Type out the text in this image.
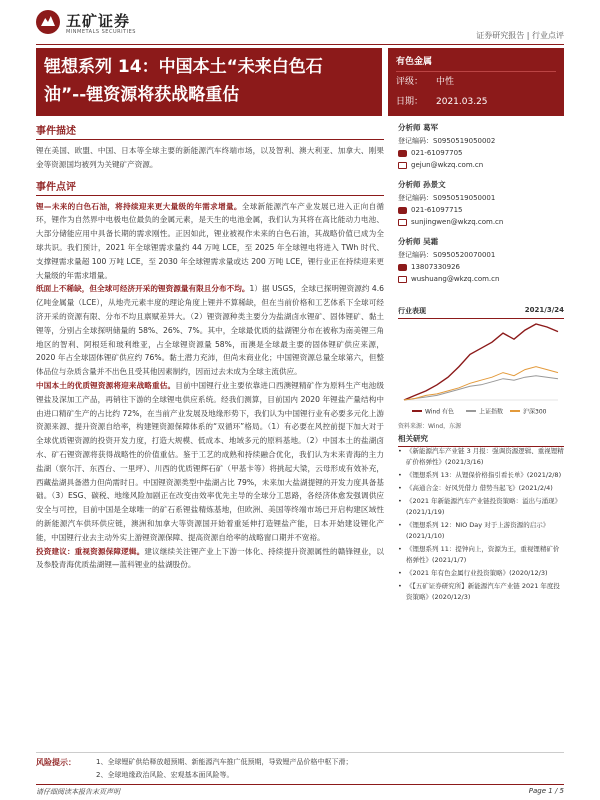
五矿证券
MINMETALS SECURITIES	证券研究报告 | 行业点评
锂想系列 14：中国本土“未来白色石
油”--锂资源将获战略重估
有色金属
评级： 中性
日期： 2021.03.25
事件描述

锂在美国、欧盟、中国、日本等全球主要的新能源汽车终端市场，以及智利、澳大利亚、加拿大、刚果金等资源国均被列为关键矿产资源。

事件点评

锂—未来的白色石油，将持续迎来更大量级的年需求增量。全球新能源汽车产业发展已进入正向自循环，锂作为自然界中电极电位最负的金属元素，是天生的电池金属，我们认为其将在高比能动力电池、大部分储能应用中具备长期的需求刚性。正因如此，锂业被视作未来的白色石油，其战略价值已成为全球共识。我们预计，2021 年全球锂需求量约 44 万吨 LCE，至 2025 年全球锂电将进入 TWh 时代、支撑锂需求量超 100 万吨 LCE，至 2030 年全球锂需求量或达 200 万吨 LCE，锂行业正在持续迎来更大量级的年需求增量。

纸面上不稀缺，但全球可经济开采的锂资源量有限且分布不均。1）据 USGS，全球已探明锂资源约 4.6 亿吨金属量（LCE），从地壳元素丰度的理论角度上锂并不算稀缺，但在当前价格和工艺体系下全球可经济开采的资源有限、分布不均且禀赋差异大。（2）锂资源种类主要分为盐湖卤水锂矿、固体锂矿、黏土锂等，分别占全球探明储量的 58%、26%、7%。其中，全球最优质的盐湖锂分布在被称为南美锂三角地区的智利、阿根廷和玻利维亚，占全球锂资源量 58%，而澳是全球最主要的固体锂矿供应来源，2020 年占全球固体锂矿供应约 76%。黏土潜力充沛，但尚未商业化；中国锂资源总量全球第六，但整体品位与杂质含量并不出色且受其他因素制约，因而过去未成为全球主流供应。

中国本土的优质锂资源将迎来战略重估。目前中国锂行业主要依靠进口西澳锂精矿作为原料生产电池级锂盐及深加工产品，再销往下游的全球锂电供应系统。经我们测算，目前国内 2020 年锂盐产量结构中由进口精矿生产的占比约 72%，在当前产业发展及地缘形势下，我们认为中国锂行业有必要多元化上游资源来源、提升资源自给率，构建锂资源保障体系的“双循环”格局。（1）有必要在风控前提下加大对于全球优质锂资源的投资开发力度，打造大规模、低成本、地域多元的原料基地。（2）中国本土的盐湖卤水、矿石锂资源将获得战略性的价值重估。鉴于工艺的成熟和持续融合优化，我们认为未来青海的主力盐湖（察尔汗、东西台、一里坪）、川西的优质锂辉石矿（甲基卡等）将挑起大梁，云母形成有效补充，西藏盐湖具备潜力但尚需时日。中国锂资源类型中盐湖占比 79%，未来加大盐湖提锂的开发力度具备基础。（3）ESG、碳税、地缘风险加剧正在改变由效率优先主导的全球分工思路，各经济体愈发强调供应安全与可控，目前中国是全球唯一的矿石系锂盐精炼基地，但欧洲、美国等终端市场已开启构建区域性的新能源汽车供环供应链，澳洲和加拿大等资源国开始着重延伸打造锂盐产能，日本开始建设锂化产能，中国锂行业去主动外实上游锂资源保障、提高资源自给率的战略窗口期并不宽裕。

投资建议：重视资源保障逻辑。建议继续关注锂产业上下游一体化、持续提升资源属性的赣锋锂业，以及参股青海优质盐湖锂—蓝科锂业的盐湖股份。

分析师 葛军
登记编码：S0950519050002
021-61097705
gejun@wkzq.com.cn
分析师 孙景文
登记编码：S0950519050001
021-61097715
sunjingwen@wkzq.com.cn
分析师 吴霜
登记编码：S0950520070001
13807330926
wushuang@wkzq.com.cn
行业表现	2021/3/24
Wind 有色	上证指数	沪深300
资料来源：Wind，东源
相关研究
• 《新能源汽车产业链 3 月报：强调资源逻辑、重视锂精矿价格弹性》(2021/3/16)
• 《锂想系列 13：从锂保价格指引看长单》(2021/2/8)
• 《高通合金：好风凭借力 借势当起飞》(2021/2/4)
• 《2021 年新能源汽车产业链投资策略：溢出与涌现》(2021/1/19)
• 《锂想系列 12：NIO Day 对于上游资源的启示》(2021/1/10)
• 《锂想系列 11：提钟向上，资源为王，重视锂精矿价格弹性》(2021/1/7)
• 《2021 年有色金属行业投资策略》(2020/12/3)
• 《【五矿证券研究所】新能源汽车产业链 2021 年度投资策略》(2020/12/3)
风险提示：	1、全球锂矿供给释放超预期、新能源汽车推广低预期，导致锂产品价格中枢下滑；
2、全球地缘政治风险、宏观基本面风险等。
请仔细阅读本报告末页声明	Page 1 / 5
